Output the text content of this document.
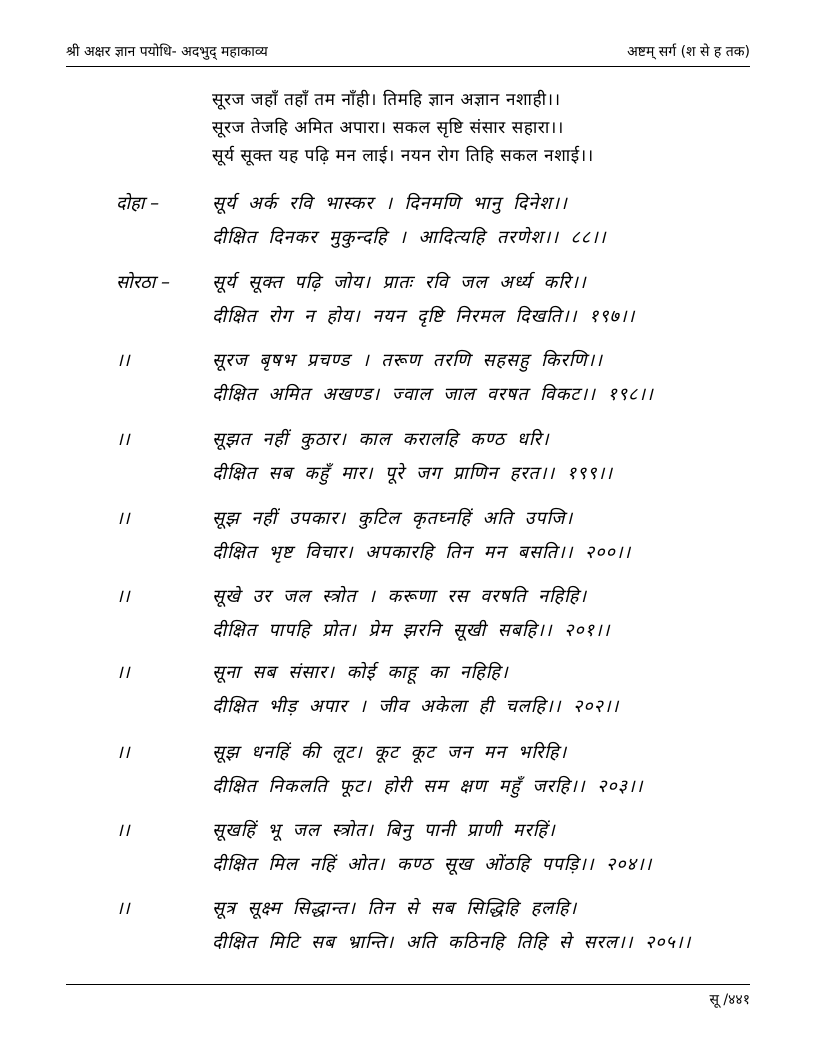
श्री अक्षर ज्ञान पयोधि- अदभुद् महाकाव्य	अष्टम् सर्ग (श से ह तक)
सूरज जहाँ तहाँ तम नाँही। तिमहि ज्ञान अज्ञान नशाही।।
सूरज तेजहि अमित अपारा। सकल सृष्टि संसार सहारा।।
सूर्य सूक्त यह पढ़ि मन लाई। नयन रोग तिहि सकल नशाई।।
दोहा –	सूर्य अर्क रवि भास्कर । दिनमणि भानु दिनेश।।
दीक्षित दिनकर मुकुन्दहि । आदित्यहि तरणेश।। ८८।।
सोरठा – सूर्य सूक्त पढ़ि जोय। प्रातः रवि जल अर्ध्य करि।।
दीक्षित रोग न होय। नयन दृष्टि निरमल दिखति।। १९७।।
।।	सूरज बृषभ प्रचण्ड । तरूण तरणि सहसहु किरणि।।
दीक्षित अमित अखण्ड। ज्वाल जाल वरषत विकट।। १९८।।
।।	सूझत नहीं कुठार। काल करालहि कण्ठ धरि।
दीक्षित सब कहुँ मार। पूरे जग प्राणिन हरत।। १९९।।
।।	सूझ नहीं उपकार। कुटिल कृतघ्नहिं अति उपजि।
दीक्षित भृष्ट विचार। अपकारहि तिन मन बसति।। २००।।
।।	सूखे उर जल स्त्रोत । करूणा रस वरषति नहिहि।
दीक्षित पापहि प्रोत। प्रेम झरनि सूखी सबहि।। २०१।।
।।	सूना सब संसार। कोई काहू का नहिहि।
दीक्षित भीड़ अपार । जीव अकेला ही चलहि।। २०२।।
।।	सूझ धनहिं की लूट। कूट कूट जन मन भरिहि।
दीक्षित निकलति फूट। होरी सम क्षण महुँ जरहि।। २०३।।
।।	सूखहिं भू जल स्त्रोत। बिनु पानी प्राणी मरहिं।
दीक्षित मिल नहिं ओत। कण्ठ सूख ओंठहि पपड़ि।। २०४।।
।।	सूत्र सूक्ष्म सिद्धान्त। तिन से सब सिद्धिहि हलहि।
दीक्षित मिटि सब भ्रान्ति। अति कठिनहि तिहि से सरल।। २०५।।
सू /४४१
